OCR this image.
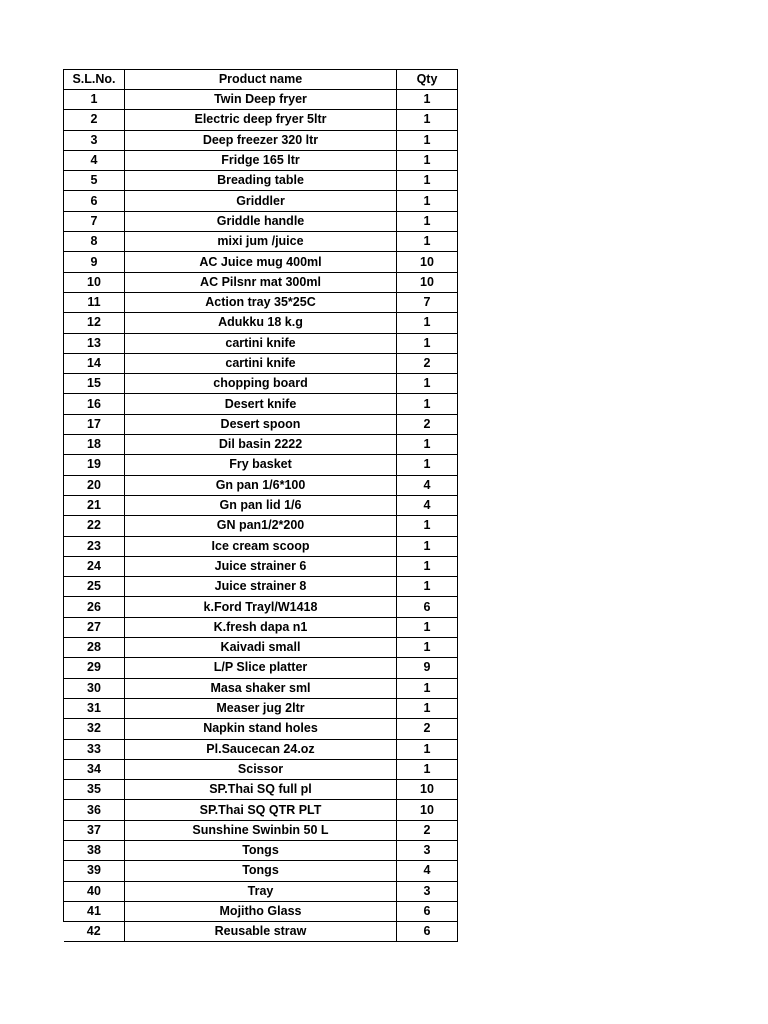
S.L.No.	Product name	Qty
1	Twin Deep fryer	1
2	Electric deep fryer 5ltr	1
3	Deep freezer 320 ltr	1
4	Fridge 165 ltr	1
5	Breading table	1
6	Griddler	1
7	Griddle handle	1
8	mixi jum /juice	1
9	AC Juice mug 400ml	10
10	AC Pilsnr mat 300ml	10
11	Action tray 35*25C	7
12	Adukku 18 k.g	1
13	cartini knife	1
14	cartini knife	2
15	chopping board	1
16	Desert knife	1
17	Desert spoon	2
18	Dil basin 2222	1
19	Fry basket	1
20	Gn pan 1/6*100	4
21	Gn pan lid 1/6	4
22	GN pan1/2*200	1
23	Ice cream scoop	1
24	Juice strainer 6	1
25	Juice strainer 8	1
26	k.Ford Trayl/W1418	6
27	K.fresh dapa n1	1
28	Kaivadi small	1
29	L/P Slice platter	9
30	Masa shaker sml	1
31	Measer jug 2ltr	1
32	Napkin stand holes	2
33	Pl.Saucecan 24.oz	1
34	Scissor	1
35	SP.Thai SQ full pl	10
36	SP.Thai SQ QTR PLT	10
37	Sunshine Swinbin 50 L	2
38	Tongs	3
39	Tongs	4
40	Tray	3
41	Mojitho Glass	6
42	Reusable straw	6
